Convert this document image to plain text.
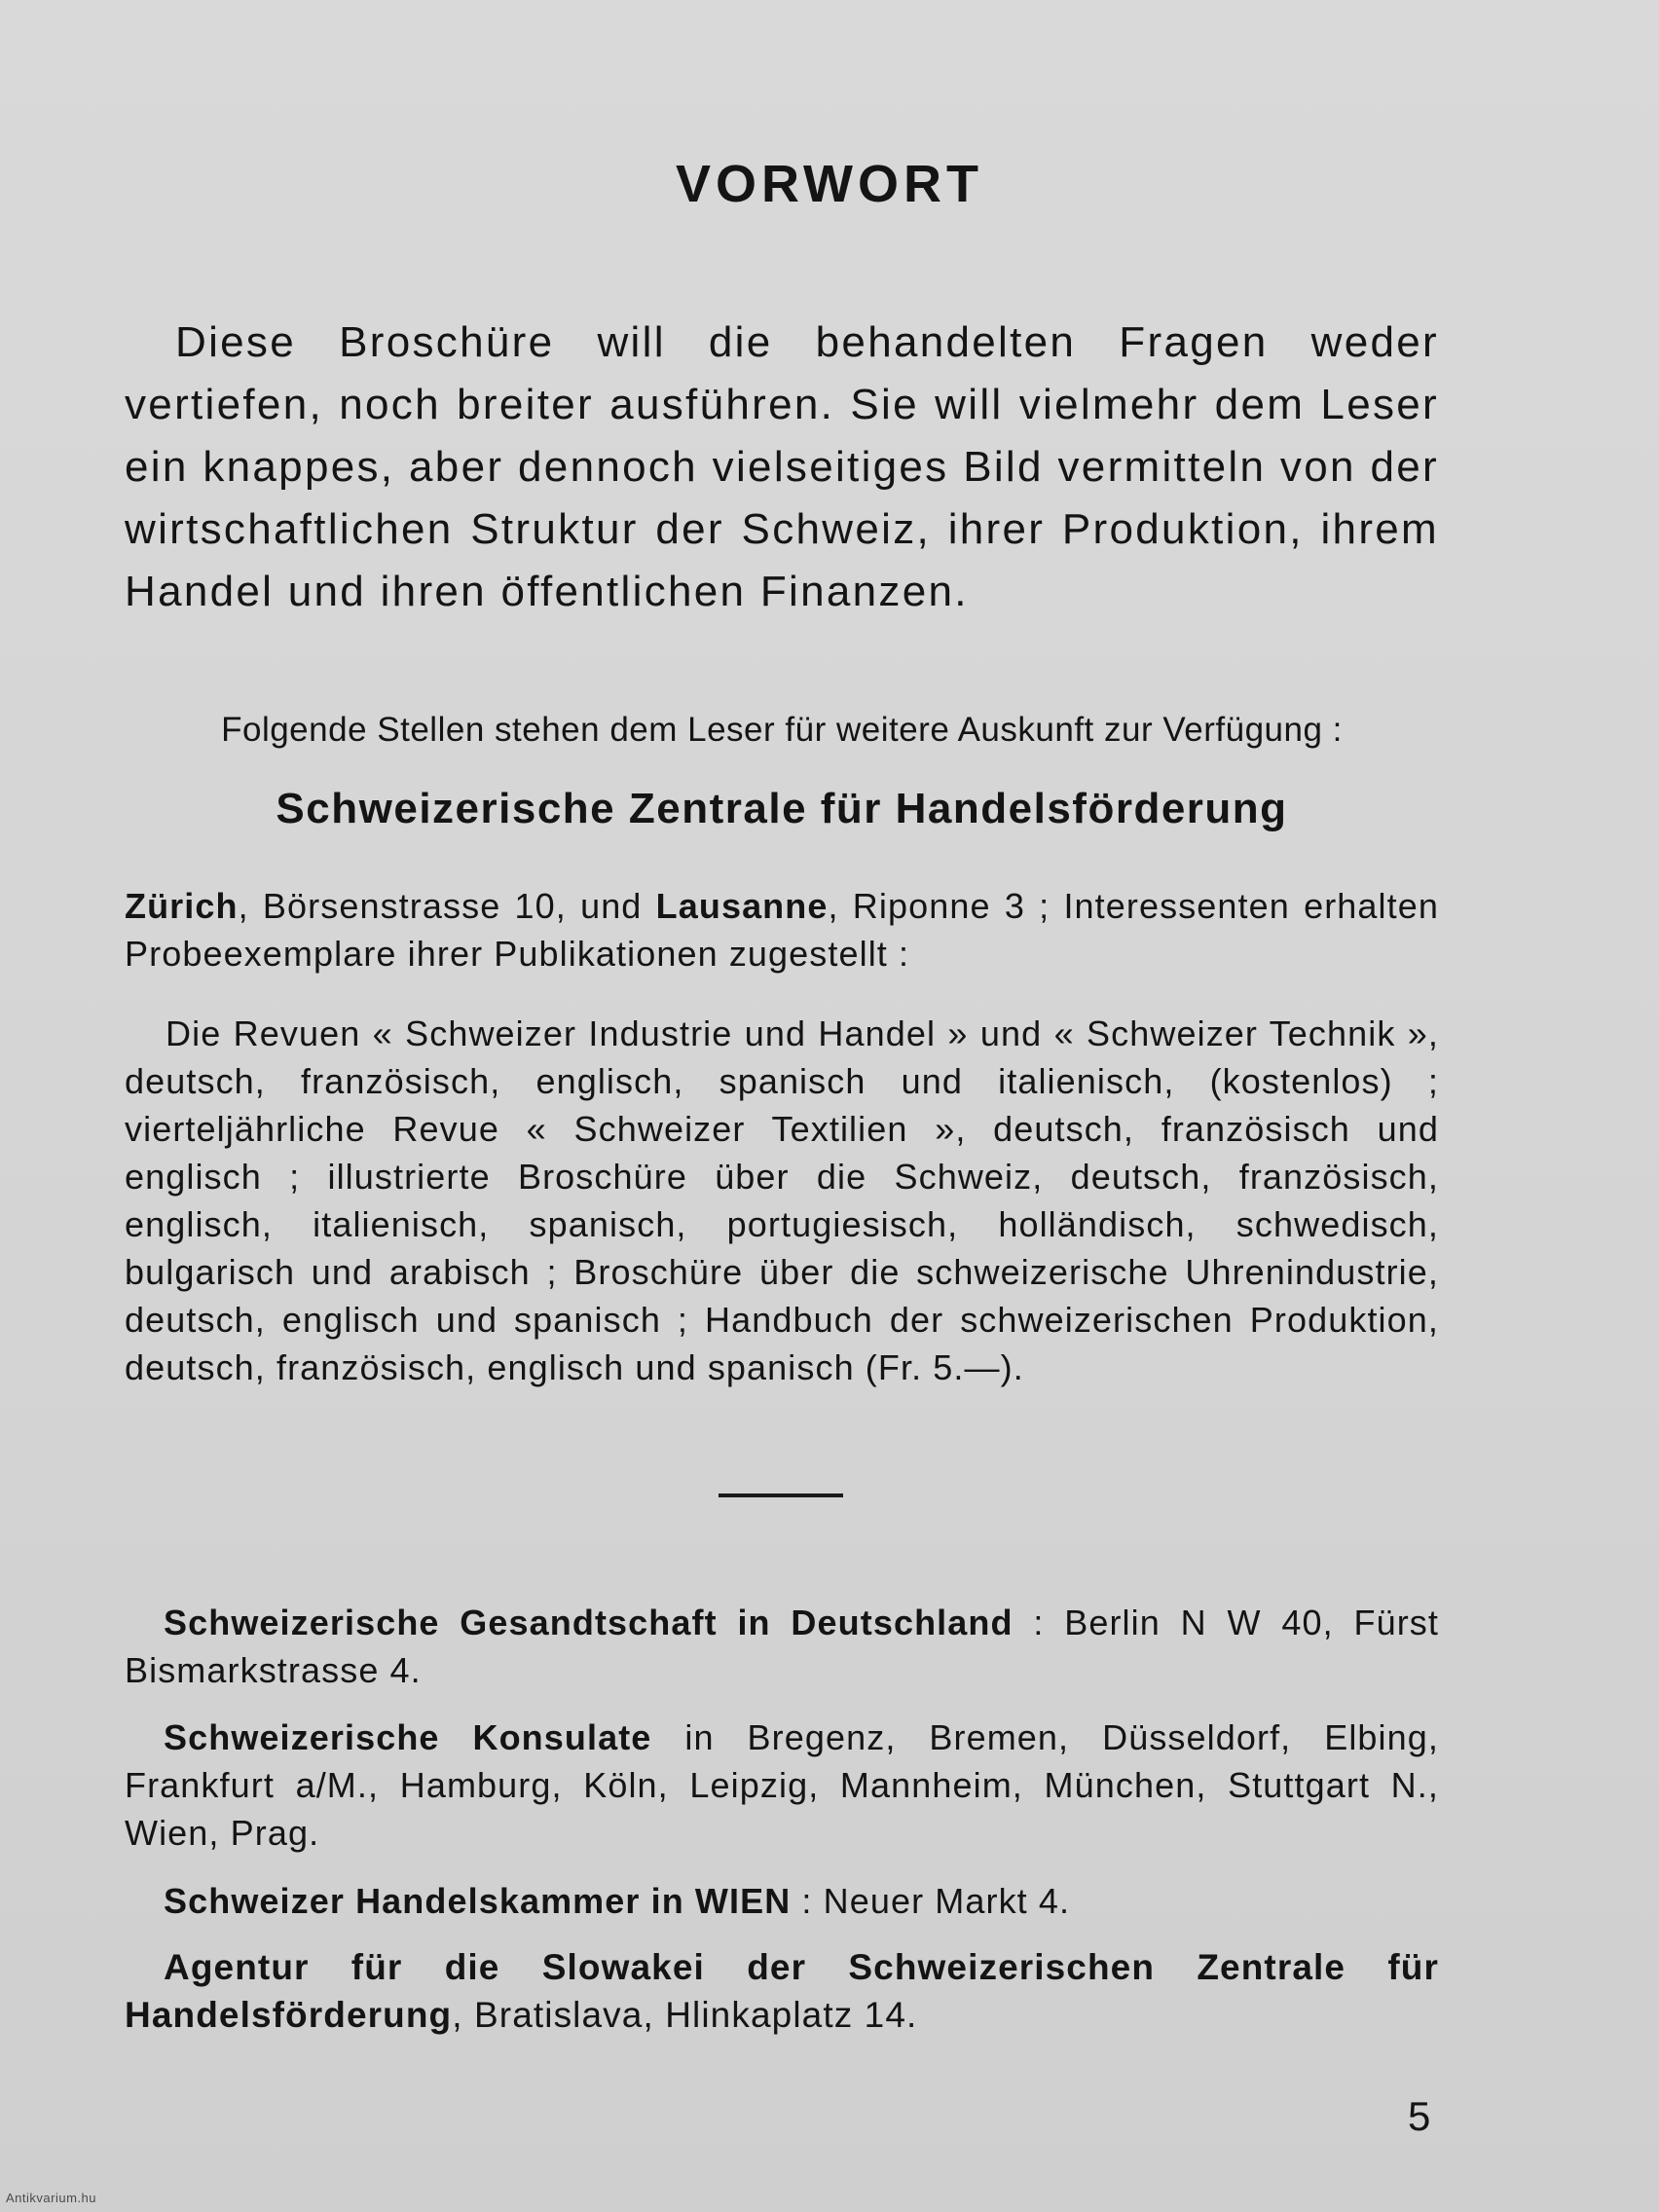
VORWORT

Diese Broschüre will die behandelten Fragen weder vertiefen, noch breiter ausführen. Sie will vielmehr dem Leser ein knappes, aber dennoch vielseitiges Bild vermitteln von der wirtschaftlichen Struktur der Schweiz, ihrer Produktion, ihrem Handel und ihren öffentlichen Finanzen.

Folgende Stellen stehen dem Leser für weitere Auskunft zur Verfügung :
Schweizerische Zentrale für Handelsförderung

Zürich, Börsenstrasse 10, und Lausanne, Riponne 3 ; Interessenten erhalten Probeexemplare ihrer Publikationen zugestellt :

Die Revuen « Schweizer Industrie und Handel » und « Schweizer Technik », deutsch, französisch, englisch, spanisch und italienisch, (kostenlos) ; vierteljährliche Revue « Schweizer Textilien », deutsch, französisch und englisch ; illustrierte Broschüre über die Schweiz, deutsch, französisch, englisch, italienisch, spanisch, portugiesisch, holländisch, schwedisch, bulgarisch und arabisch ; Broschüre über die schweizerische Uhrenindustrie, deutsch, englisch und spanisch ; Handbuch der schweizerischen Produktion, deutsch, französisch, englisch und spanisch (Fr. 5.—).

Schweizerische Gesandtschaft in Deutschland : Berlin N W 40, Fürst Bismarkstrasse 4.

Schweizerische Konsulate in Bregenz, Bremen, Düsseldorf, Elbing, Frankfurt a/M., Hamburg, Köln, Leipzig, Mannheim, München, Stuttgart N., Wien, Prag.

Schweizer Handelskammer in WIEN : Neuer Markt 4.

Agentur für die Slowakei der Schweizerischen Zentrale für Handelsförderung, Bratislava, Hlinkaplatz 14.

5
Antikvarium.hu
